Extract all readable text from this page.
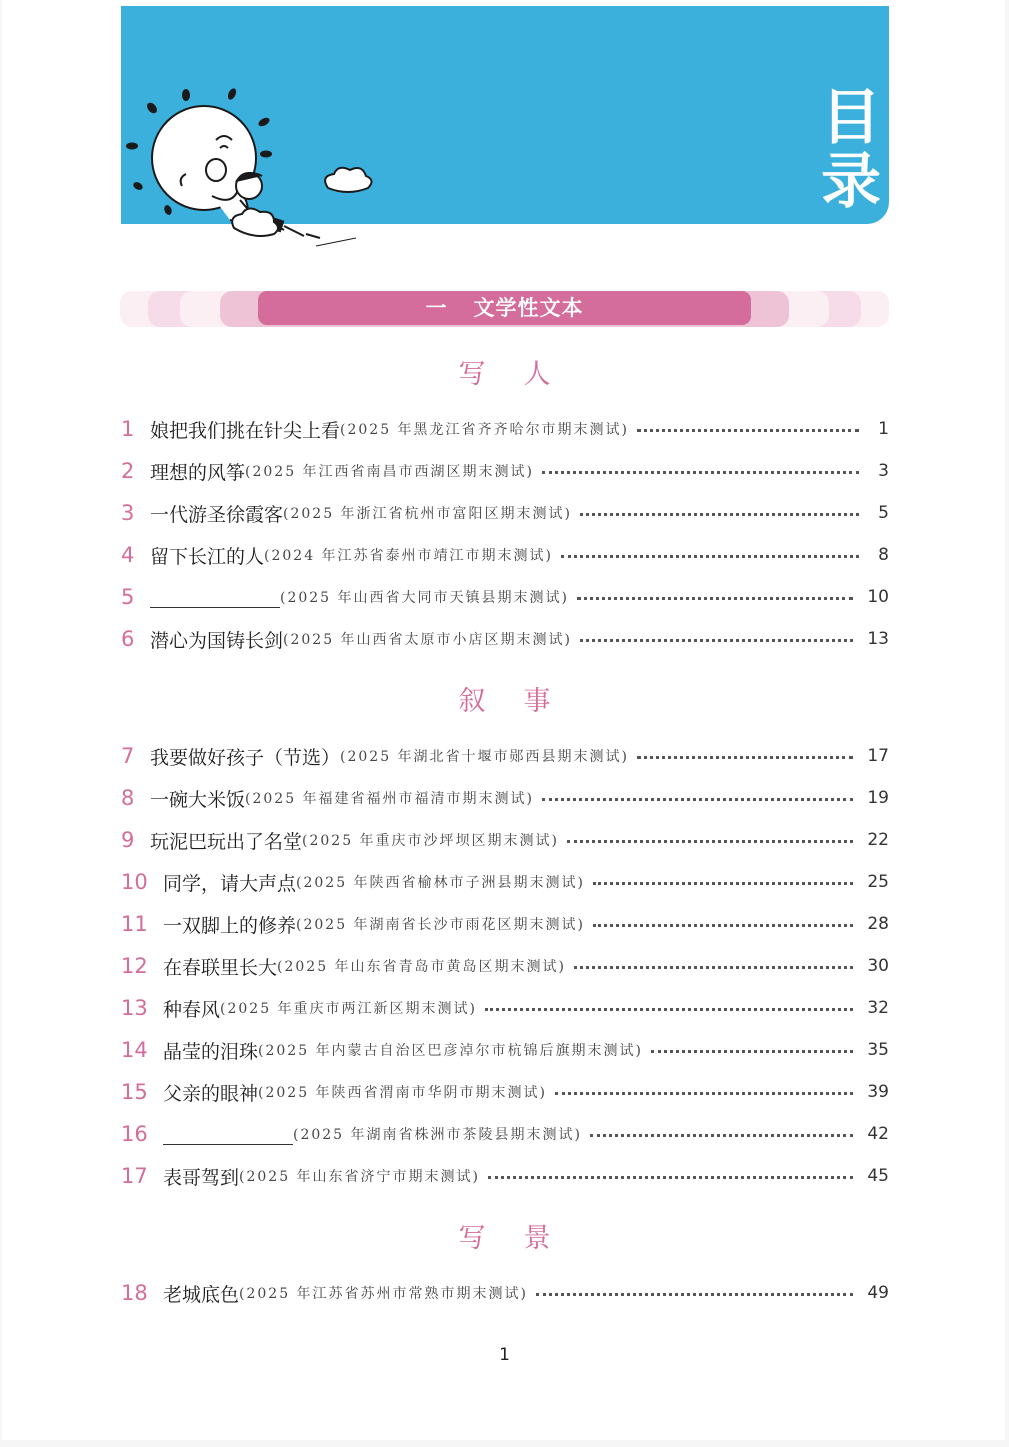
目
录
一 文学性文本
写人
1 娘把我们挑在针尖上看 (2025 年黑龙江省齐齐哈尔市期末测试)	1
2 理想的风筝 (2025 年江西省南昌市西湖区期末测试)	3
3 一代游圣徐霞客 (2025 年浙江省杭州市富阳区期末测试)	5
4 留下长江的人 (2024 年江苏省泰州市靖江市期末测试)	8
5	(2025 年山西省大同市天镇县期末测试)	10
6 潜心为国铸长剑 (2025 年山西省太原市小店区期末测试)	13
叙事
7 我要做好孩子（节选） (2025 年湖北省十堰市郧西县期末测试)	17
8 一碗大米饭 (2025 年福建省福州市福清市期末测试)	19
9 玩泥巴玩出了名堂 (2025 年重庆市沙坪坝区期末测试)	22
10 同学，请大声点 (2025 年陕西省榆林市子洲县期末测试)	25
11 一双脚上的修养 (2025 年湖南省长沙市雨花区期末测试)	28
12 在春联里长大 (2025 年山东省青岛市黄岛区期末测试)	30
13 种春风 (2025 年重庆市两江新区期末测试)	32
14 晶莹的泪珠 (2025 年内蒙古自治区巴彦淖尔市杭锦后旗期末测试)	35
15 父亲的眼神 (2025 年陕西省渭南市华阴市期末测试)	39
16	(2025 年湖南省株洲市茶陵县期末测试)	42
17 表哥驾到 (2025 年山东省济宁市期末测试)	45
写景
18 老城底色 (2025 年江苏省苏州市常熟市期末测试)	49
1
